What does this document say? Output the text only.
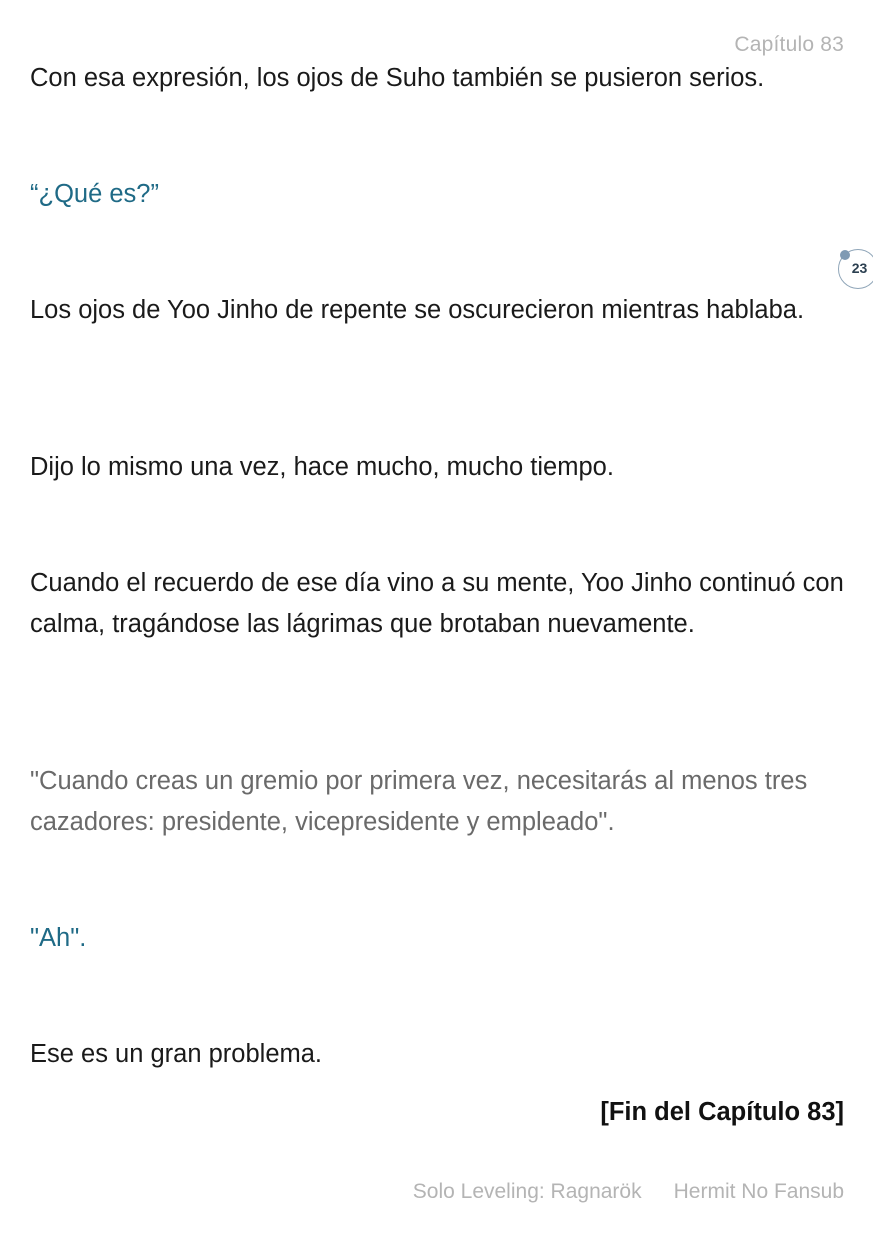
Capítulo 83
23

Con esa expresión, los ojos de Suho también se pusieron serios.

“¿Qué es?”

Los ojos de Yoo Jinho de repente se oscurecieron mientras hablaba.

Dijo lo mismo una vez, hace mucho, mucho tiempo.

Cuando el recuerdo de ese día vino a su mente, Yoo Jinho continuó con calma, tragándose las lágrimas que brotaban nuevamente.

"Cuando creas un gremio por primera vez, necesitarás al menos tres cazadores: presidente, vicepresidente y empleado".

"Ah".

Ese es un gran problema.

[Fin del Capítulo 83]
Solo Leveling: Ragnarök Hermit No Fansub
